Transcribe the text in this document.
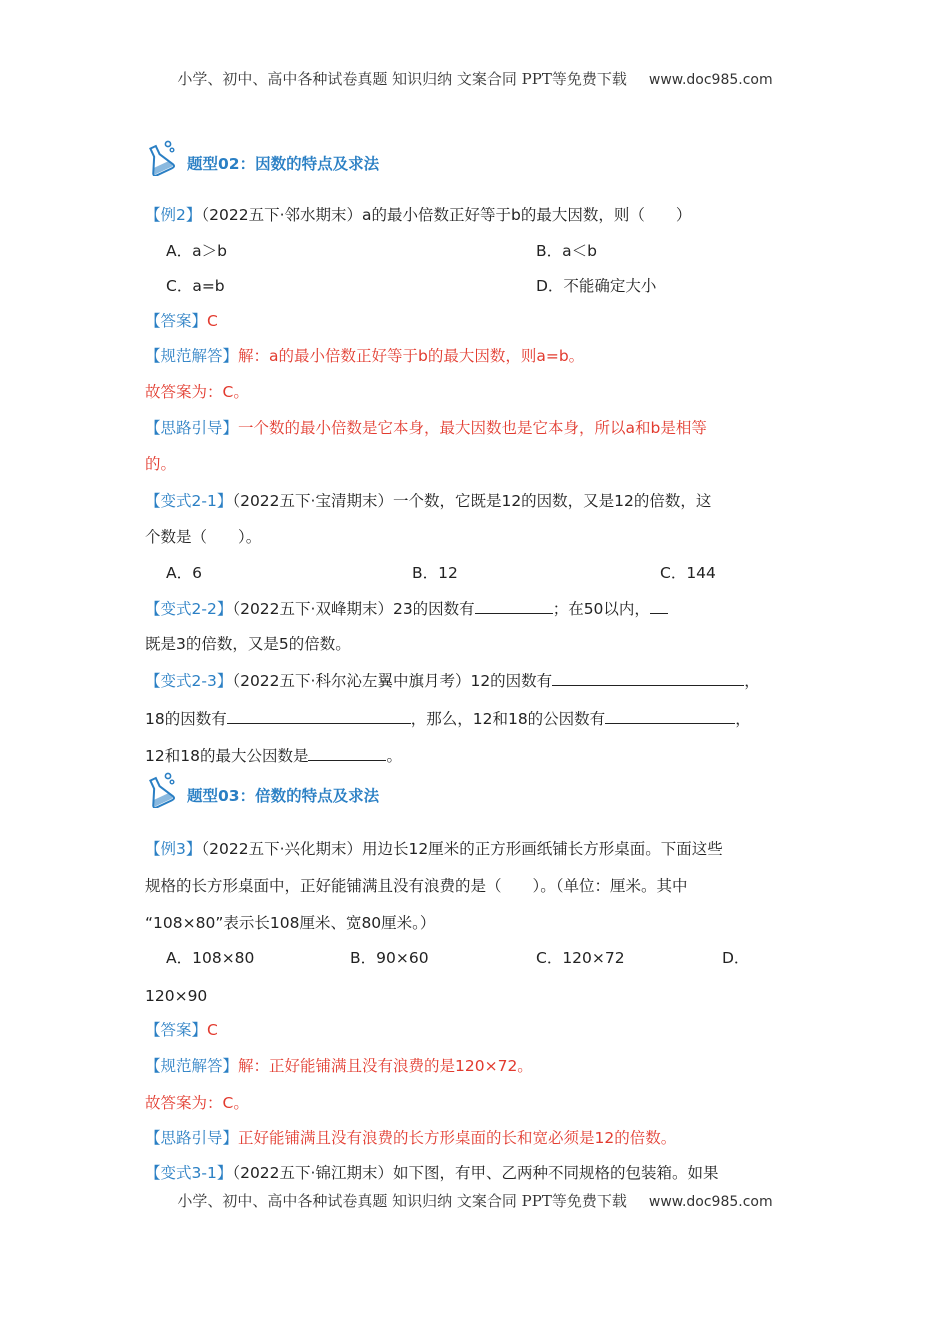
小学、初中、高中各种试卷真题 知识归纳 文案合同 PPT等免费下载 www.doc985.com
题型02：因数的特点及求法
【例2】（2022五下·邻水期末）a的最小倍数正好等于b的最大因数，则（　　）
A．a＞b	B．a＜b
C．a=b	D．不能确定大小
【答案】C
【规范解答】解：a的最小倍数正好等于b的最大因数，则a=b。
故答案为：C。
【思路引导】一个数的最小倍数是它本身，最大因数也是它本身，所以a和b是相等
的。
【变式2-1】（2022五下·宝清期末）一个数，它既是12的因数，又是12的倍数，这
个数是（　　）。
A．6	B．12	C．144
【变式2-2】（2022五下·双峰期末）23的因数有	；在50以内，
既是3的倍数，又是5的倍数。
【变式2-3】（2022五下·科尔沁左翼中旗月考）12的因数有	，
18的因数有	，那么，12和18的公因数有	，
12和18的最大公因数是	。
题型03：倍数的特点及求法
【例3】（2022五下·兴化期末）用边长12厘米的正方形画纸铺长方形桌面。下面这些
规格的长方形桌面中，正好能铺满且没有浪费的是（　　）。（单位：厘米。其中
“108×80”表示长108厘米、宽80厘米。）
A．108×80	B．90×60	C．120×72	D．
120×90
【答案】C
【规范解答】解：正好能铺满且没有浪费的是120×72。
故答案为：C。
【思路引导】正好能铺满且没有浪费的长方形桌面的长和宽必须是12的倍数。
【变式3-1】（2022五下·锦江期末）如下图，有甲、乙两种不同规格的包装箱。如果
小学、初中、高中各种试卷真题 知识归纳 文案合同 PPT等免费下载 www.doc985.com
